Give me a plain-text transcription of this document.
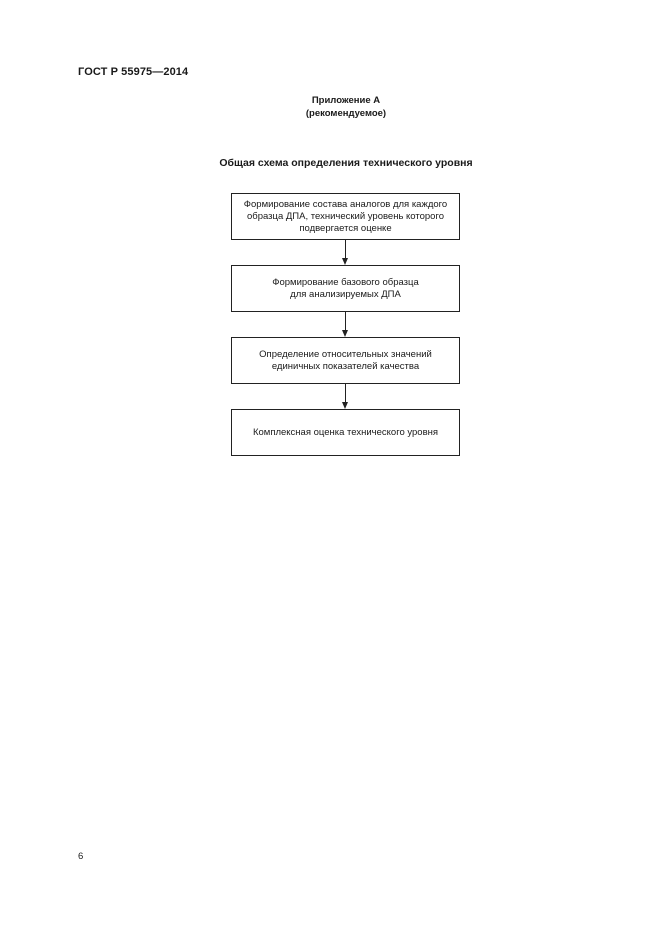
ГОСТ Р 55975—2014
Приложение А
(рекомендуемое)
Общая схема определения технического уровня
Формирование состава аналогов для каждого
образца ДПА, технический уровень которого
подвергается оценке
Формирование базового образца
для анализируемых ДПА
Определение относительных значений
единичных показателей качества
Комплексная оценка технического уровня
6
